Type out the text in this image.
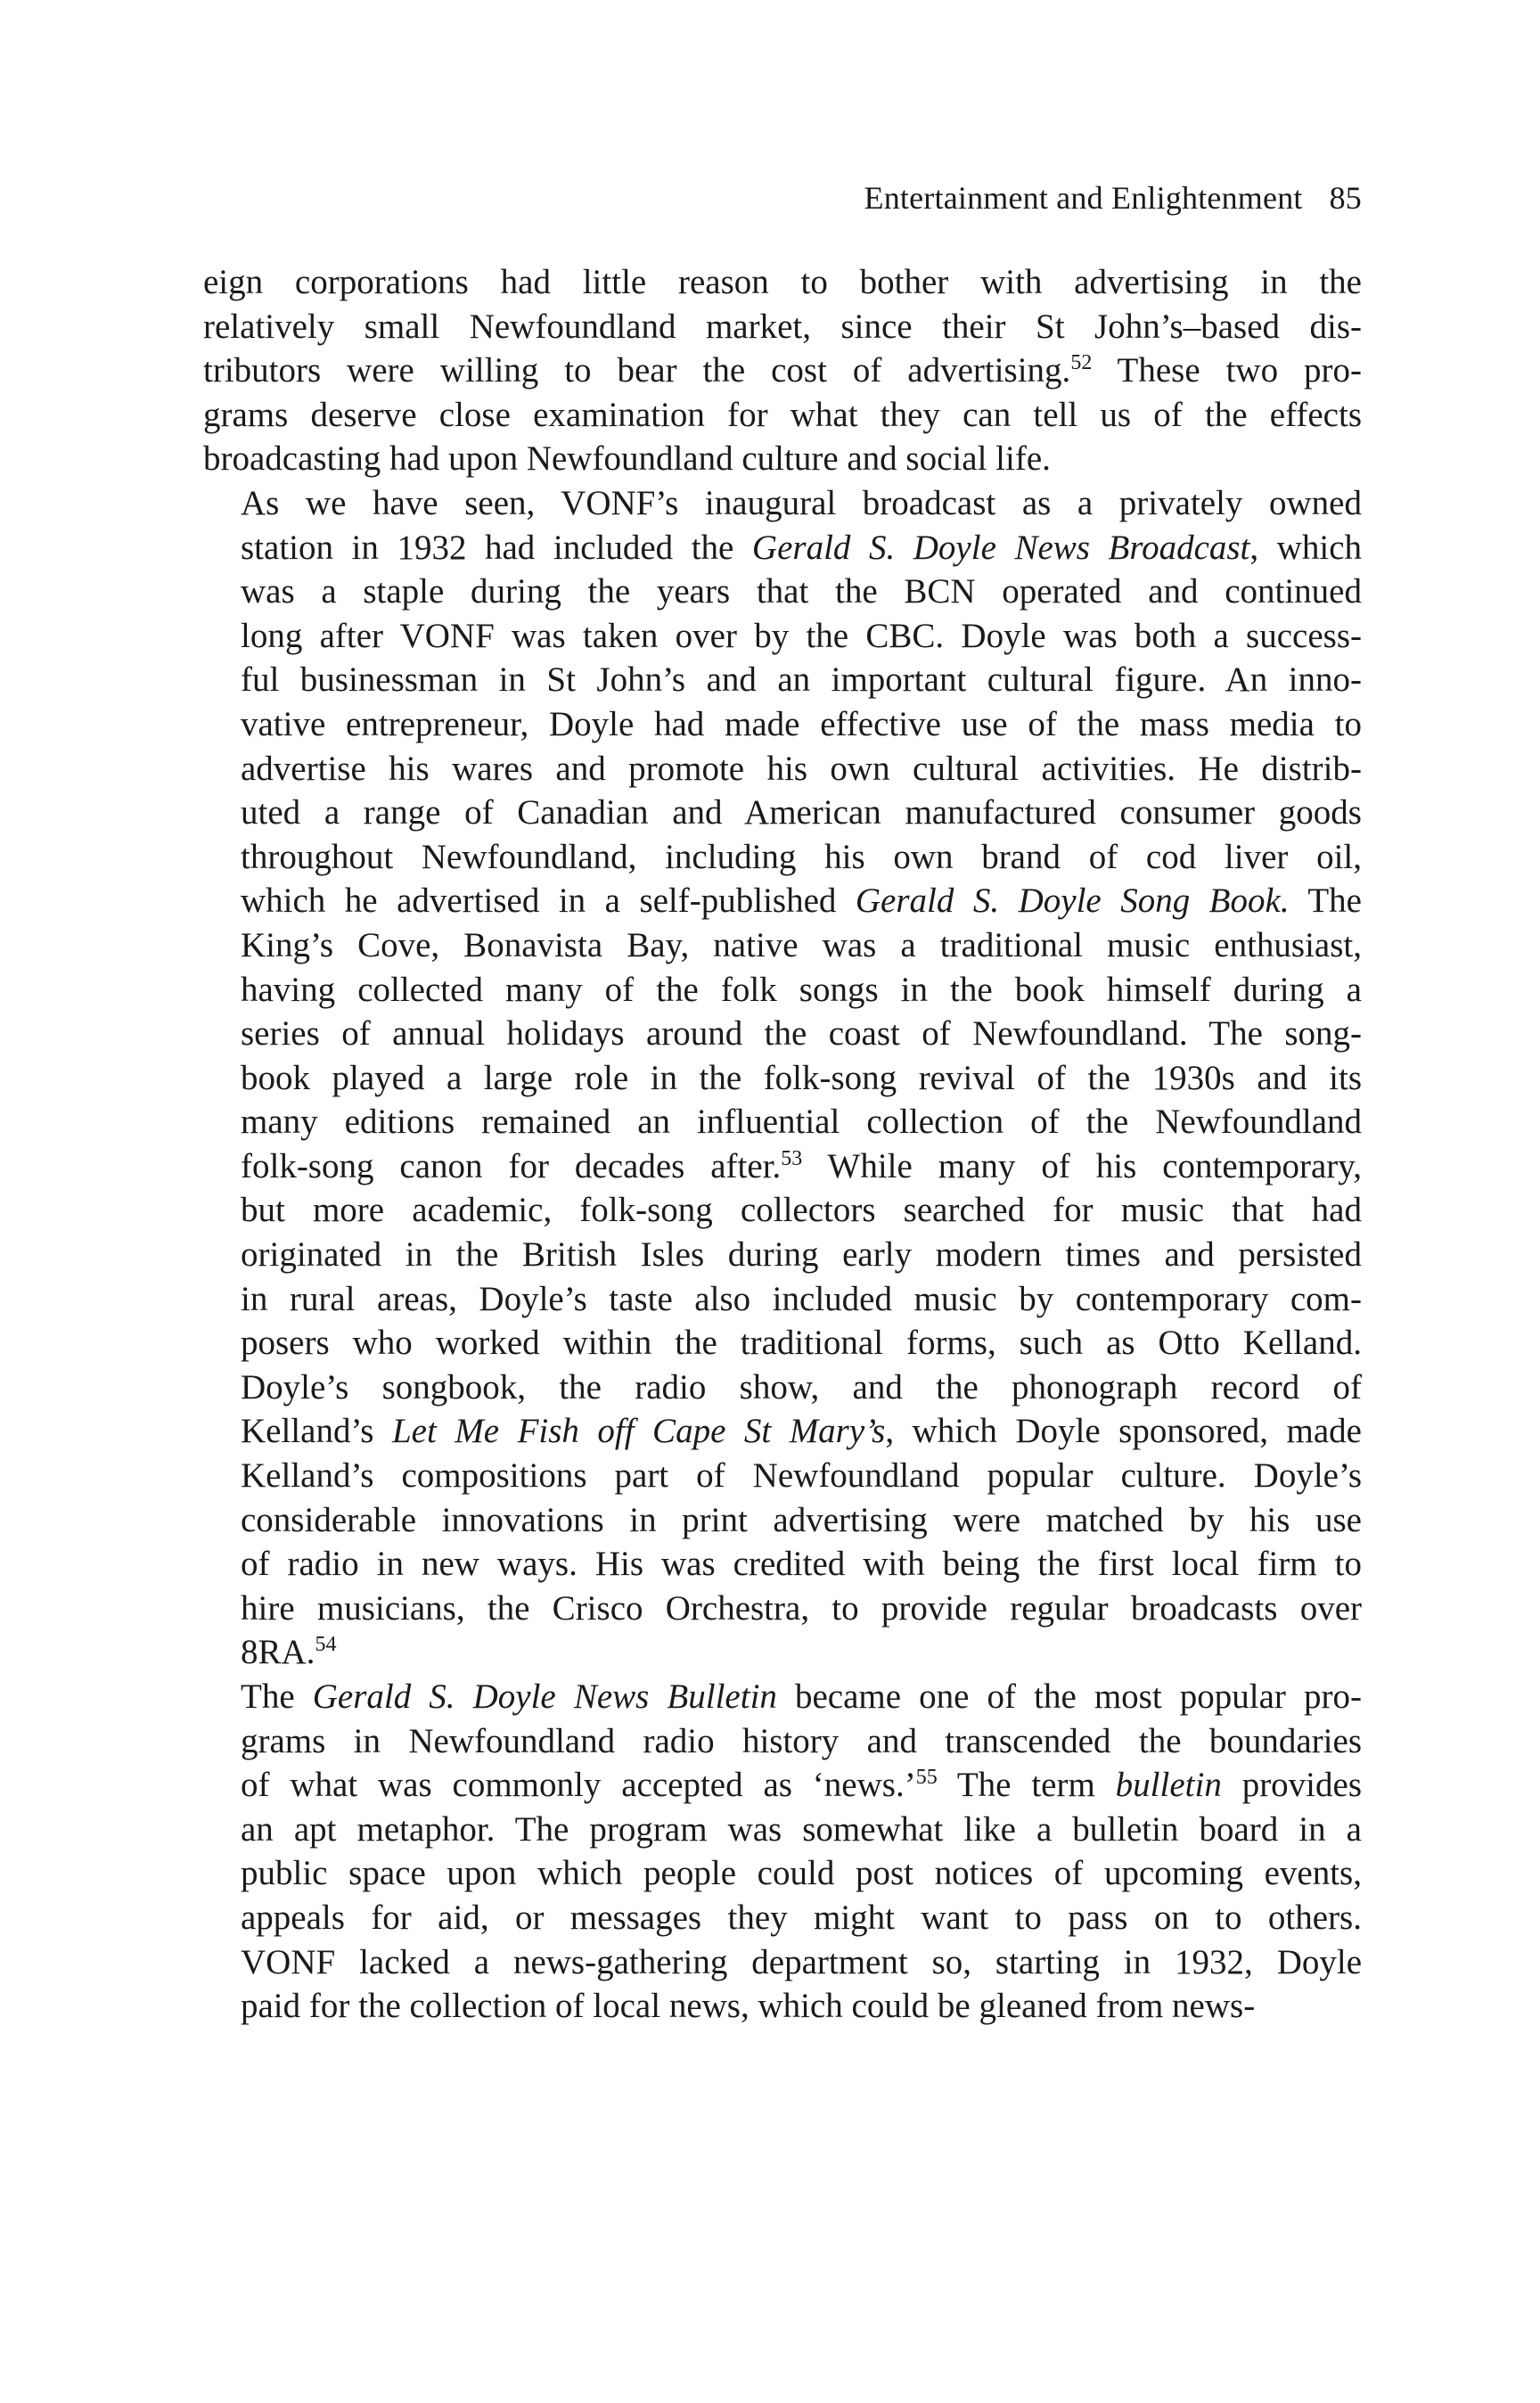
Entertainment and Enlightenment 85

eign corporations had little reason to bother with advertising in the
relatively small Newfoundland market, since their St John’s–based dis-
tributors were willing to bear the cost of advertising.$^{52}$ These two pro-
grams deserve close examination for what they can tell us of the effects
broadcasting had upon Newfoundland culture and social life.

As we have seen, VONF’s inaugural broadcast as a privately owned
station in 1932 had included the Gerald S. Doyle News Broadcast, which
was a staple during the years that the BCN operated and continued
long after VONF was taken over by the CBC. Doyle was both a success-
ful businessman in St John’s and an important cultural figure. An inno-
vative entrepreneur, Doyle had made effective use of the mass media to
advertise his wares and promote his own cultural activities. He distrib-
uted a range of Canadian and American manufactured consumer goods
throughout Newfoundland, including his own brand of cod liver oil,
which he advertised in a self-published Gerald S. Doyle Song Book. The
King’s Cove, Bonavista Bay, native was a traditional music enthusiast,
having collected many of the folk songs in the book himself during a
series of annual holidays around the coast of Newfoundland. The song-
book played a large role in the folk-song revival of the 1930s and its
many editions remained an influential collection of the Newfoundland
folk-song canon for decades after.$^{53}$ While many of his contemporary,
but more academic, folk-song collectors searched for music that had
originated in the British Isles during early modern times and persisted
in rural areas, Doyle’s taste also included music by contemporary com-
posers who worked within the traditional forms, such as Otto Kelland.
Doyle’s songbook, the radio show, and the phonograph record of
Kelland’s Let Me Fish off Cape St Mary’s, which Doyle sponsored, made
Kelland’s compositions part of Newfoundland popular culture. Doyle’s
considerable innovations in print advertising were matched by his use
of radio in new ways. His was credited with being the first local firm to
hire musicians, the Crisco Orchestra, to provide regular broadcasts over
8RA.$^{54}$

The Gerald S. Doyle News Bulletin became one of the most popular pro-
grams in Newfoundland radio history and transcended the boundaries
of what was commonly accepted as ‘news.’$^{55}$ The term bulletin provides
an apt metaphor. The program was somewhat like a bulletin board in a
public space upon which people could post notices of upcoming events,
appeals for aid, or messages they might want to pass on to others.
VONF lacked a news-gathering department so, starting in 1932, Doyle
paid for the collection of local news, which could be gleaned from news-
